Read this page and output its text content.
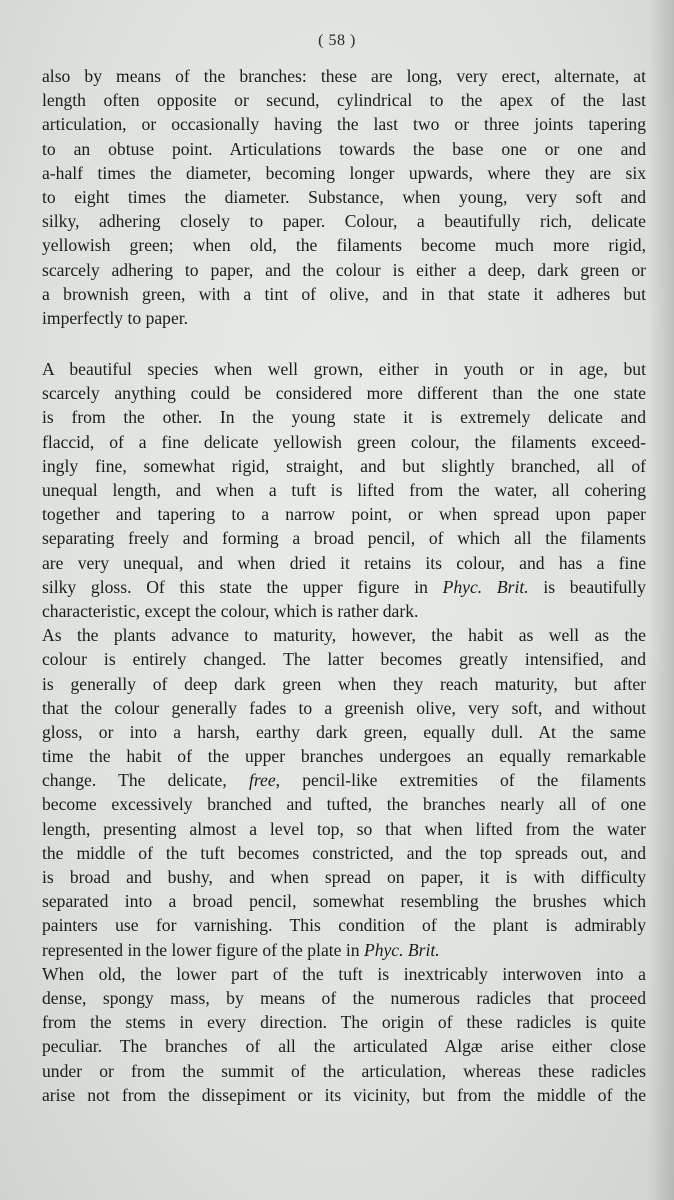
( 58 )
also by means of the branches: these are long, very erect, alternate, at
length often opposite or secund, cylindrical to the apex of the last
articulation, or occasionally having the last two or three joints tapering
to an obtuse point. Articulations towards the base one or one and
a-half times the diameter, becoming longer upwards, where they are six
to eight times the diameter. Substance, when young, very soft and
silky, adhering closely to paper. Colour, a beautifully rich, delicate
yellowish green; when old, the filaments become much more rigid,
scarcely adhering to paper, and the colour is either a deep, dark green or
a brownish green, with a tint of olive, and in that state it adheres but
imperfectly to paper.
A beautiful species when well grown, either in youth or in age, but
scarcely anything could be considered more different than the one state
is from the other. In the young state it is extremely delicate and
flaccid, of a fine delicate yellowish green colour, the filaments exceed-
ingly fine, somewhat rigid, straight, and but slightly branched, all of
unequal length, and when a tuft is lifted from the water, all cohering
together and tapering to a narrow point, or when spread upon paper
separating freely and forming a broad pencil, of which all the filaments
are very unequal, and when dried it retains its colour, and has a fine
silky gloss. Of this state the upper figure in Phyc. Brit. is beautifully
characteristic, except the colour, which is rather dark.
As the plants advance to maturity, however, the habit as well as the
colour is entirely changed. The latter becomes greatly intensified, and
is generally of deep dark green when they reach maturity, but after
that the colour generally fades to a greenish olive, very soft, and without
gloss, or into a harsh, earthy dark green, equally dull. At the same
time the habit of the upper branches undergoes an equally remarkable
change. The delicate, free, pencil-like extremities of the filaments
become excessively branched and tufted, the branches nearly all of one
length, presenting almost a level top, so that when lifted from the water
the middle of the tuft becomes constricted, and the top spreads out, and
is broad and bushy, and when spread on paper, it is with difficulty
separated into a broad pencil, somewhat resembling the brushes which
painters use for varnishing. This condition of the plant is admirably
represented in the lower figure of the plate in Phyc. Brit.
When old, the lower part of the tuft is inextricably interwoven into a
dense, spongy mass, by means of the numerous radicles that proceed
from the stems in every direction. The origin of these radicles is quite
peculiar. The branches of all the articulated Algæ arise either close
under or from the summit of the articulation, whereas these radicles
arise not from the dissepiment or its vicinity, but from the middle of the
